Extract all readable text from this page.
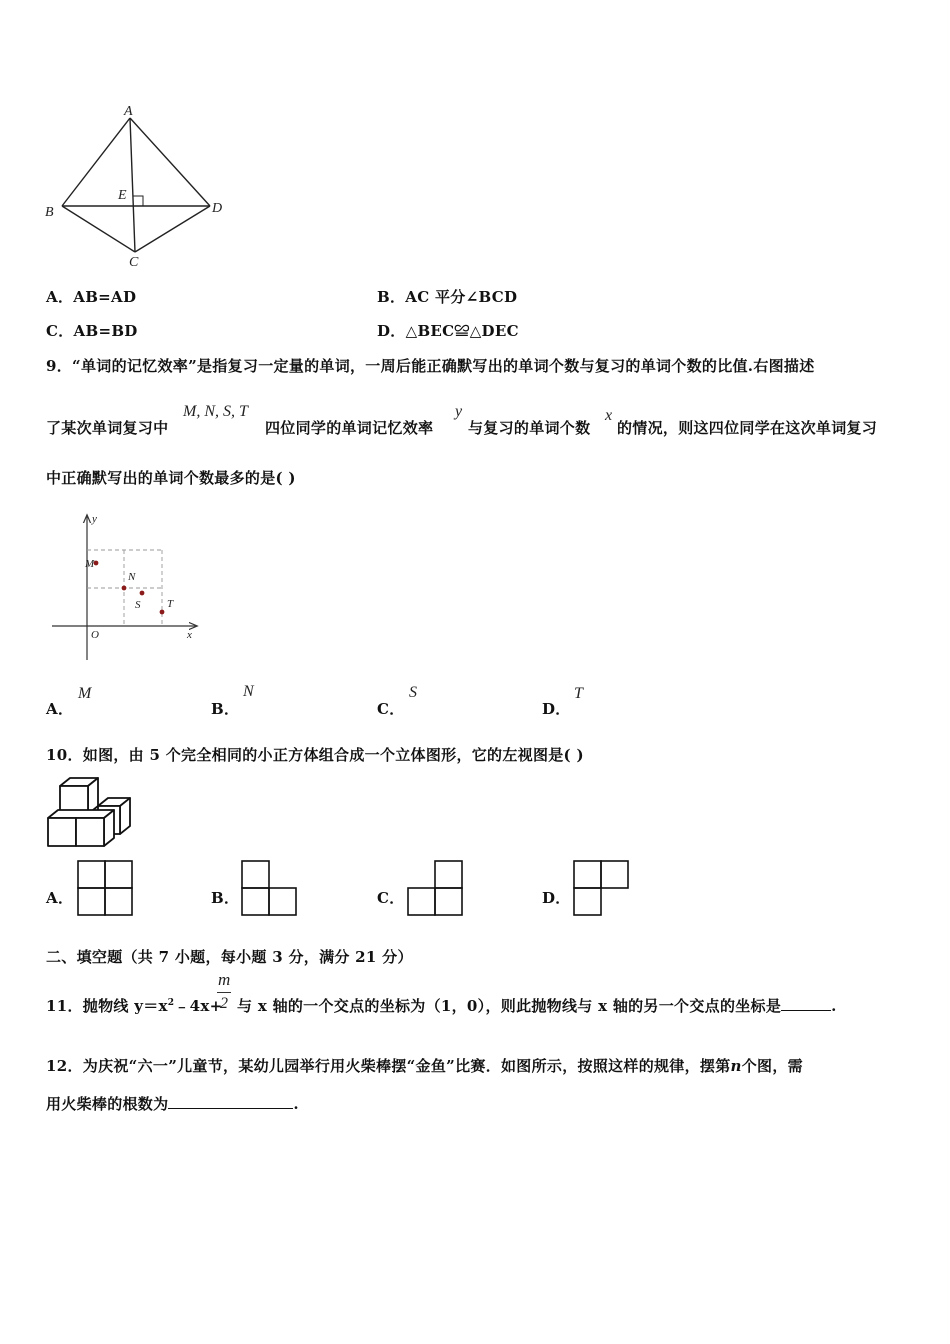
A
B
C
D
E
A．AB=AD	B．AC 平分∠BCD
C．AB=BD	D．△BEC≌△DEC
9．“单词的记忆效率”是指复习一定量的单词，一周后能正确默写出的单词个数与复习的单词个数的比值.右图描述
M, N, S, T	y	x
了某次单词复习中	四位同学的单词记忆效率 与复习的单词个数 的情况，则这四位同学在这次单词复习
中正确默写出的单词个数最多的是( )
y
x
O
M
N
S T
A．
M
B．
N
C．
S
D．
T
10．如图，由 5 个完全相同的小正方体组合成一个立体图形，它的左视图是( )
A．	B．	C．	D．
二、填空题（共 7 小题，每小题 3 分，满分 21 分）
m
2
11．抛物线 $y=x^2﹣4x+$ 与 x 轴的一个交点的坐标为（1，0），则此抛物线与 x 轴的另一个交点的坐标是	.
12．为庆祝“六一”儿童节，某幼儿园举行用火柴棒摆“金鱼”比赛．如图所示，按照这样的规律，摆第n个图，需
用火柴棒的根数为	.
